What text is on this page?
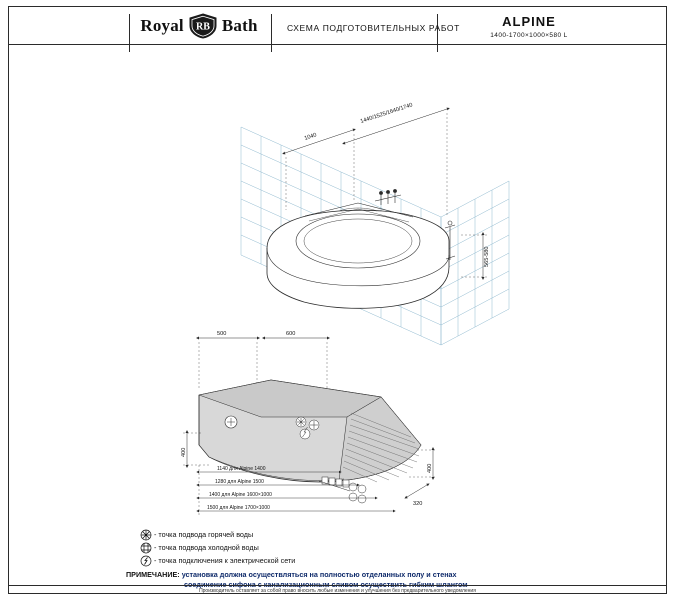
Royal RB Bath	СХЕМА ПОДГОТОВИТЕЛЬНЫХ РАБОТ	ALPINE
1400-1700×1000×580 L
1040
1440/1525/1640/1740
565-580
500	600
400
400
320
1140 для Alpine 1400
1280 для Alpine 1500
1400 для Alpine 1600×1000
1500 для Alpine 1700×1000
- точка подвода горячей воды
- точка подвода холодной воды
- точка подключения к электрической сети
ПРИМЕЧАНИЕ: установка должна осуществляться на полностью отделанных полу и стенах
соединение сифона с канализационным сливом осуществить гибким шлангом
Производитель оставляет за собой право вносить любые изменения и улучшения без предварительного уведомления
